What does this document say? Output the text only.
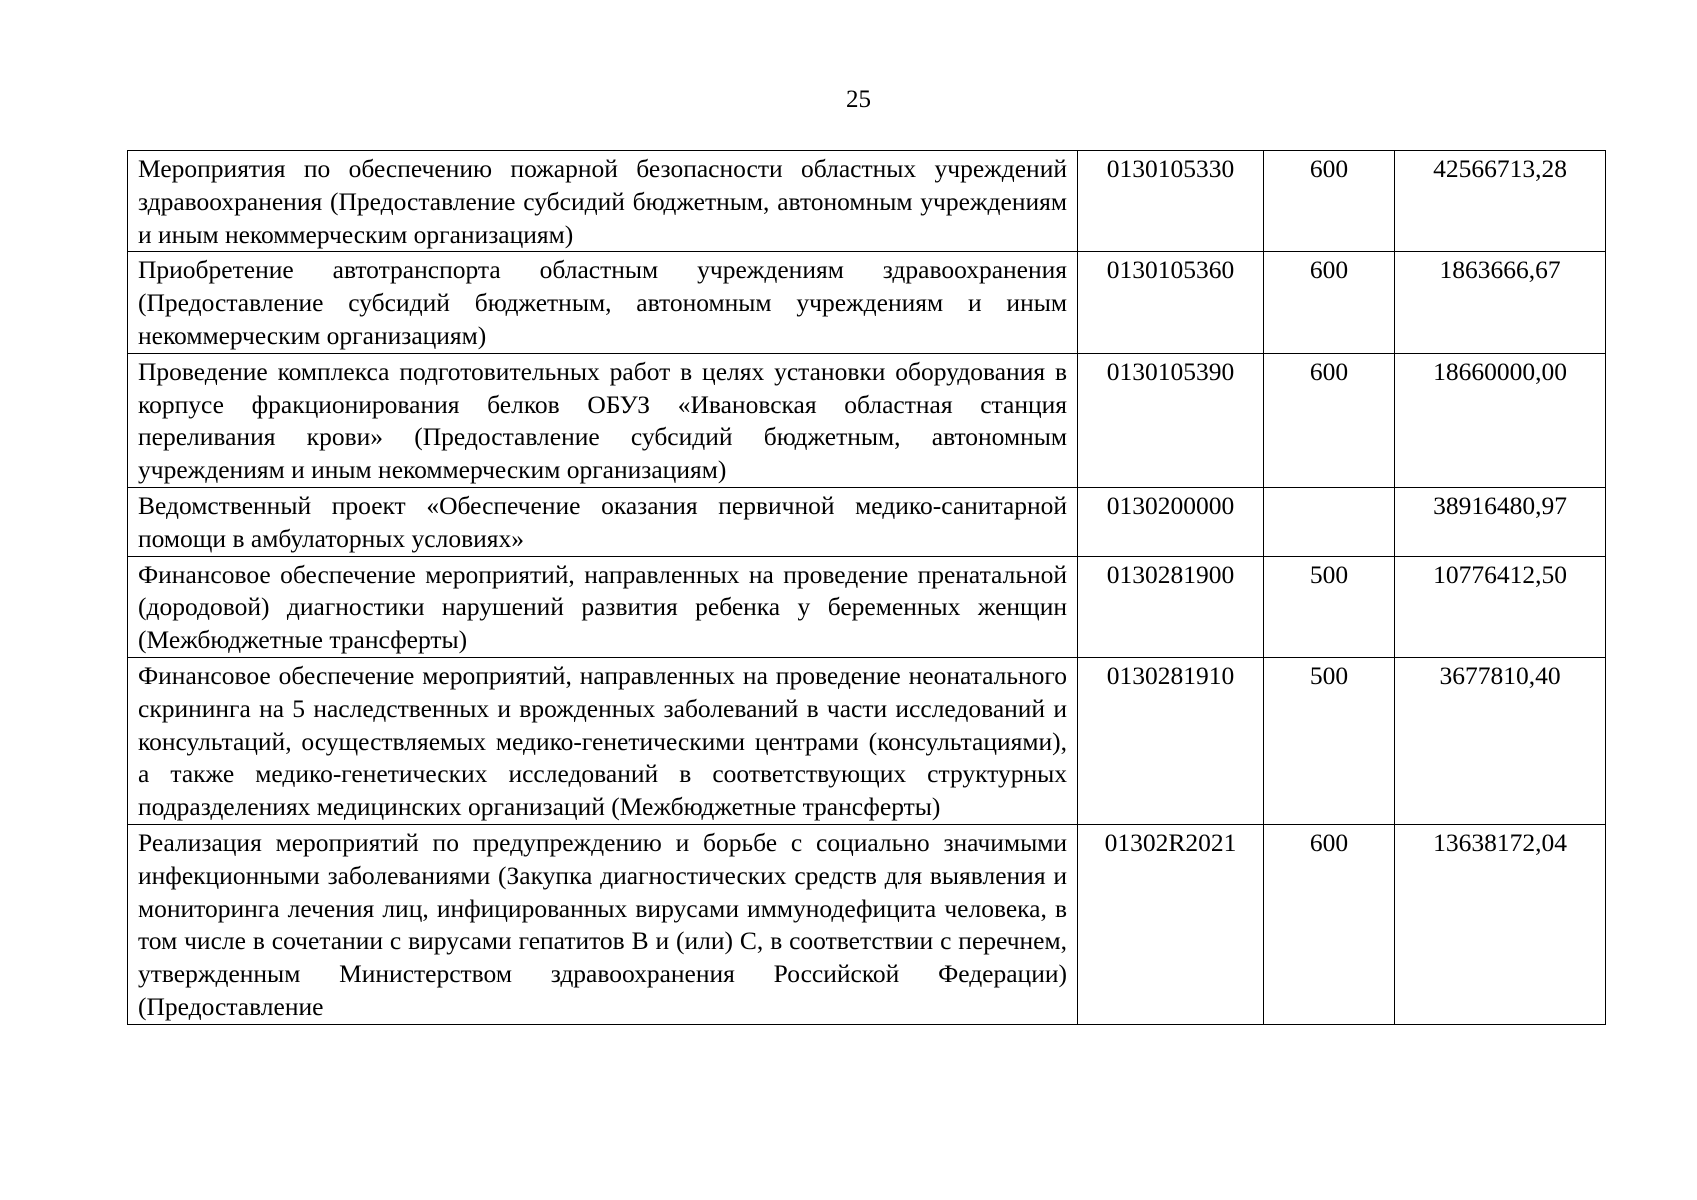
25
Мероприятия по обеспечению пожарной безопасности областных учреждений здравоохранения (Предоставление субсидий бюджетным, автономным учреждениям и иным некоммерческим организациям)	0130105330	600	42566713,28
Приобретение автотранспорта областным учреждениям здравоохранения (Предоставление субсидий бюджетным, автономным учреждениям и иным некоммерческим организациям)	0130105360	600	1863666,67
Проведение комплекса подготовительных работ в целях установки оборудования в корпусе фракционирования белков ОБУЗ «Ивановская областная станция переливания крови» (Предоставление субсидий бюджетным, автономным учреждениям и иным некоммерческим организациям)	0130105390	600	18660000,00
Ведомственный проект «Обеспечение оказания первичной медико-санитарной помощи в амбулаторных условиях»	0130200000		38916480,97
Финансовое обеспечение мероприятий, направленных на проведение пренатальной (дородовой) диагностики нарушений развития ребенка у беременных женщин (Межбюджетные трансферты)	0130281900	500	10776412,50
Финансовое обеспечение мероприятий, направленных на проведение неонатального скрининга на 5 наследственных и врожденных заболеваний в части исследований и консультаций, осуществляемых медико-генетическими центрами (консультациями), а также медико-генетических исследований в соответствующих структурных подразделениях медицинских организаций (Межбюджетные трансферты)	0130281910	500	3677810,40
Реализация мероприятий по предупреждению и борьбе с социально значимыми инфекционными заболеваниями (Закупка диагностических средств для выявления и мониторинга лечения лиц, инфицированных вирусами иммунодефицита человека, в том числе в сочетании с вирусами гепатитов B и (или) C, в соответствии с перечнем, утвержденным Министерством здравоохранения Российской Федерации) (Предоставление	01302R2021	600	13638172,04
